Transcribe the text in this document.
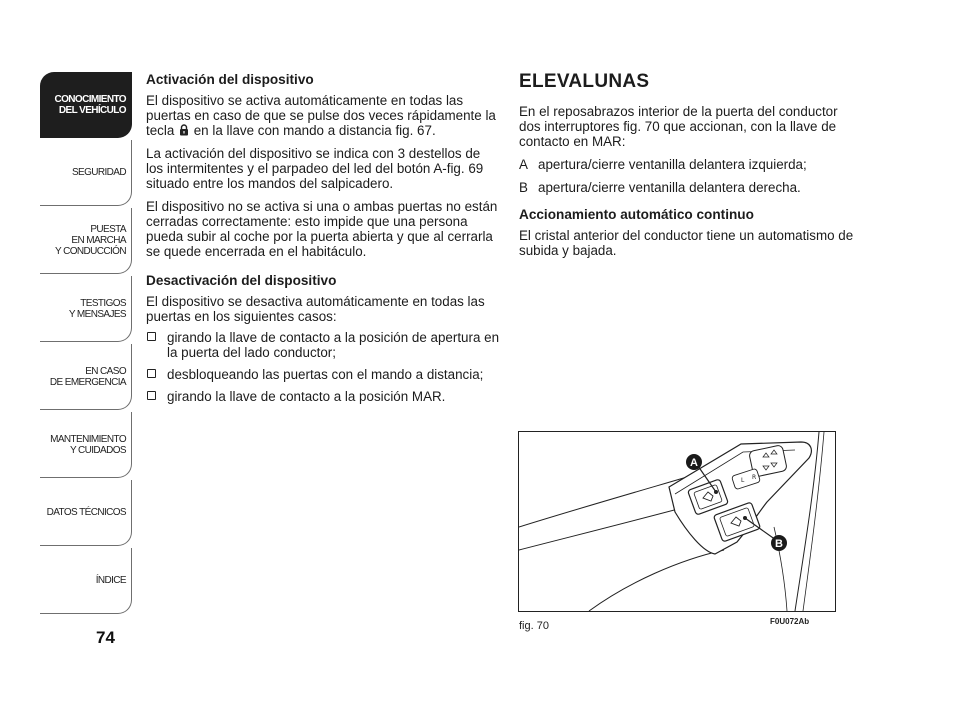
CONOCIMIENTO
DEL VEHÍCULO
SEGURIDAD
PUESTA
EN MARCHA
Y CONDUCCIÓN
TESTIGOS
Y MENSAJES
EN CASO
DE EMERGENCIA
MANTENIMIENTO
Y CUIDADOS
DATOS TÉCNICOS
ÍNDICE
74
Activación del dispositivo

El dispositivo se activa automáticamente en todas las puertas en caso de que se pulse dos veces rápidamente la tecla  en la llave con mando a distancia fig. 67.

La activación del dispositivo se indica con 3 destellos de los intermitentes y el parpadeo del led del botón A-fig. 69 situado entre los mandos del salpicadero.

El dispositivo no se activa si una o ambas puertas no están cerradas correctamente: esto impide que una persona pueda subir al coche por la puerta abierta y que al cerrarla se quede encerrada en el habitáculo.

Desactivación del dispositivo

El dispositivo se desactiva automáticamente en todas las puertas en los siguientes casos:

girando la llave de contacto a la posición de apertura en la puerta del lado conductor;
desbloqueando las puertas con el mando a distancia;
girando la llave de contacto a la posición MAR.
ELEVALUNAS

En el reposabrazos interior de la puerta del conductor dos interruptores fig. 70 que accionan, con la llave de contacto en MAR:

A apertura/cierre ventanilla delantera izquierda;
B apertura/cierre ventanilla delantera derecha.
Accionamiento automático continuo

El cristal anterior del conductor tiene un automatismo de subida y bajada.

L R
A
B
fig. 70	F0U072Ab
